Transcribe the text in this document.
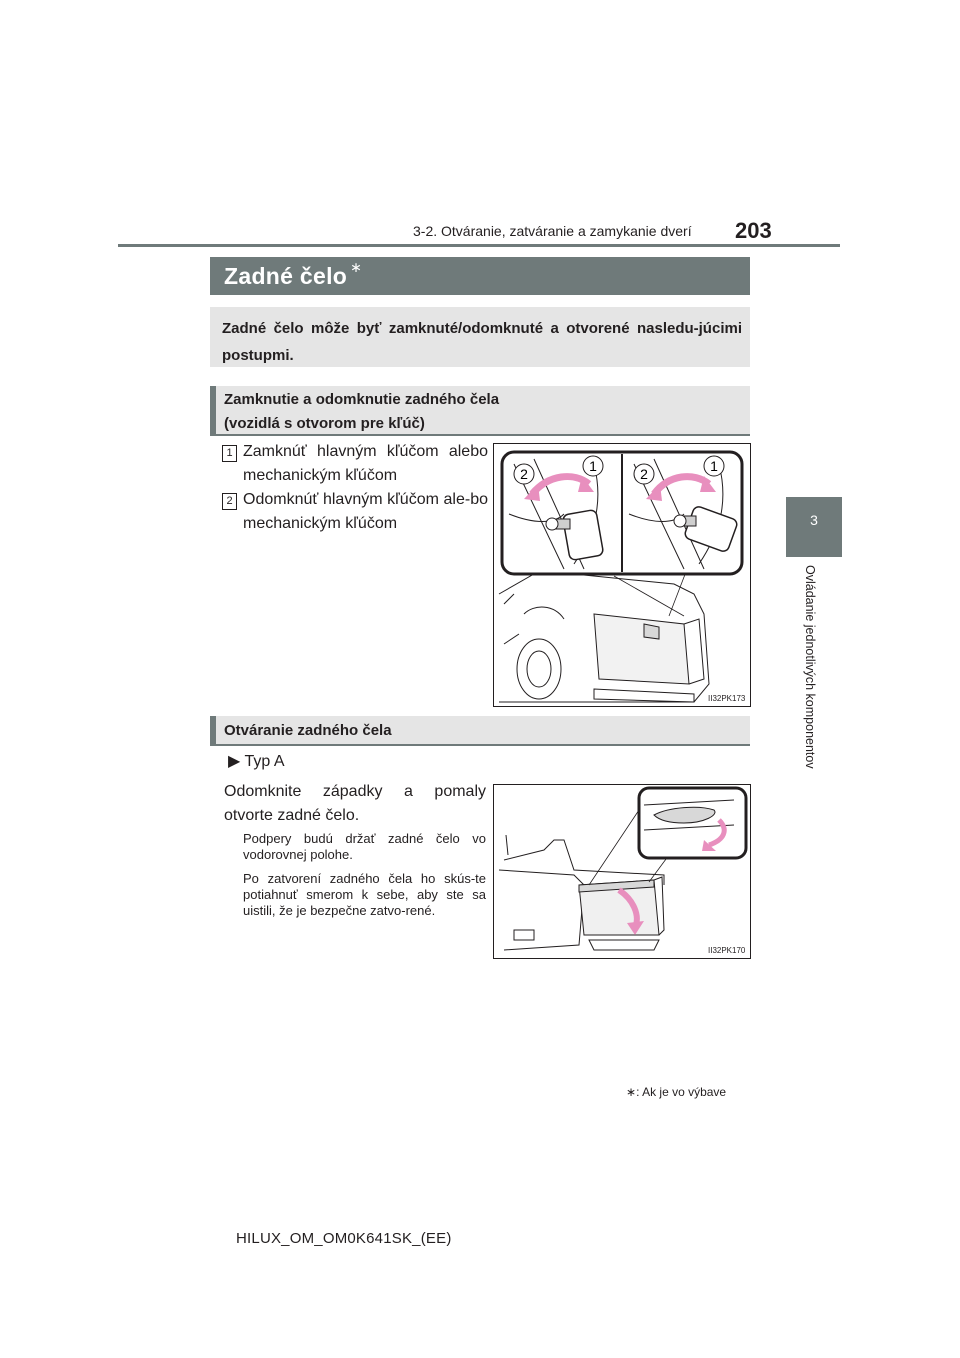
3-2. Otváranie, zatváranie a zamykanie dverí 203
3
Ovládanie jednotlivých komponentov
Zadné čelo ∗
Zadné čelo môže byť zamknuté/odomknuté a otvorené nasledu-júcimi postupmi.
Zamknutie a odomknutie zadného čela
(vozidlá s otvorom pre kľúč)
1 Zamknúť hlavným kľúčom alebo mechanickým kľúčom
2 Odomknúť hlavným kľúčom ale-bo mechanickým kľúčom
2	1	2	1
II32PK173
Otváranie zadného čela
▶ Typ A
Odomknite západky a pomaly otvorte zadné čelo.
Podpery budú držať zadné čelo vo vodorovnej polohe.
Po zatvorení zadného čela ho skús-te potiahnuť smerom k sebe, aby ste sa uistili, že je bezpečne zatvo-rené.
II32PK170
∗: Ak je vo výbave
HILUX_OM_OM0K641SK_(EE)
